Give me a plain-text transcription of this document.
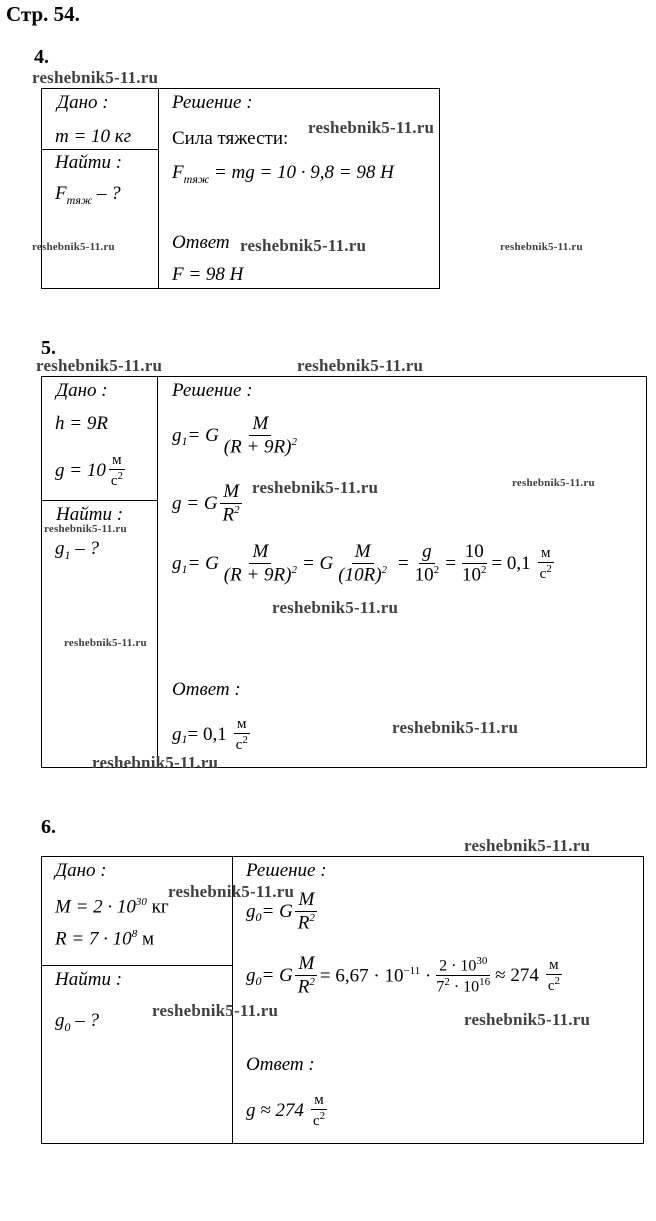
Стр. 54.
4.
reshebnik5-11.ru
Дано :
m = 10 кг
Найти :
$F_{тяж}$ – ?
Решение :
Сила тяжести:
reshebnik5-11.ru
$F_{тяж}$ = mg = 10 · 9,8 = 98 Н
Ответ reshebnik5-11.ru
reshebnik5-11.ru	reshebnik5-11.ru
F = 98 Н
5.
reshebnik5-11.ru	reshebnik5-11.ru
Дано :
h = 9R
$g = 10 \frac{м}{с^2}$
Найти :
reshebnik5-11.ru
$g_1$ – ?
Решение :
g 1 = G $\frac{M}{(R + 9R)^2}$
g = G $\frac{M}{R^2}$ reshebnik5-11.ru	reshebnik5-11.ru
g 1 = G $\frac{M}{(R + 9R)^2} = G \frac{M}{(10R)^2} = \frac{g}{10^2} = \frac{10}{10^2} = 0,1 \frac{м}{с^2}$
reshebnik5-11.ru
reshebnik5-11.ru
Ответ :
g $1 = 0,1 \frac{м}{с^2}$	reshebnik5-11.ru
reshebnik5-11.ru
6.
reshebnik5-11.ru
Дано :
$M = 2 \cdot 10^{30}$ кг
reshebnik5-11.ru
$R = 7 \cdot 10^8$ м
Найти :
$g_0$ – ?	reshebnik5-11.ru
Решение :
g 0 = G $\frac{M}{R^2}$
g 0 = G $\frac{M}{R^2} = 6,67 \cdot 10^{-11} \cdot \frac{2 \cdot 10^{30}}{7^2 \cdot 10^{16}} \approx 274 \frac{м}{с^2}$
reshebnik5-11.ru
Ответ :
$g \approx 274 \frac{м}{с^2}$
